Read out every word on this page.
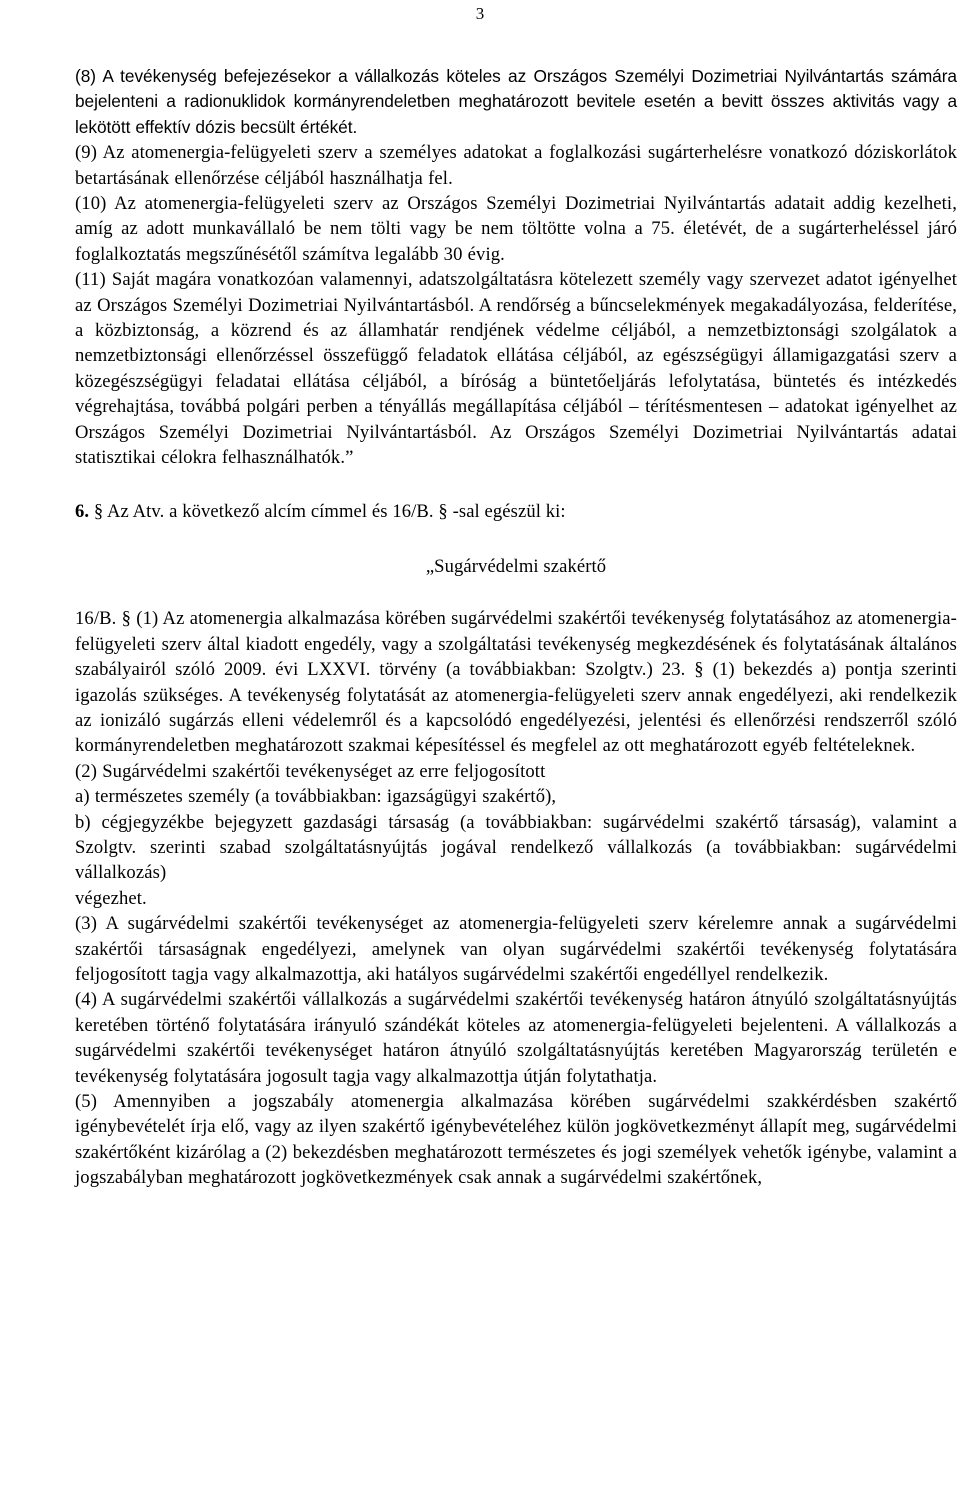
3

(8) A tevékenység befejezésekor a vállalkozás köteles az Országos Személyi Dozimetriai Nyilvántartás számára bejelenteni a radionuklidok kormányrendeletben meghatározott bevitele esetén a bevitt összes aktivitás vagy a lekötött effektív dózis becsült értékét.

(9) Az atomenergia-felügyeleti szerv a személyes adatokat a foglalkozási sugárterhelésre vonatkozó dóziskorlátok betartásának ellenőrzése céljából használhatja fel.

(10) Az atomenergia-felügyeleti szerv az Országos Személyi Dozimetriai Nyilvántartás adatait addig kezelheti, amíg az adott munkavállaló be nem tölti vagy be nem töltötte volna a 75. életévét, de a sugárterheléssel járó foglalkoztatás megszűnésétől számítva legalább 30 évig.

(11) Saját magára vonatkozóan valamennyi, adatszolgáltatásra kötelezett személy vagy szervezet adatot igényelhet az Országos Személyi Dozimetriai Nyilvántartásból. A rendőrség a bűncselekmények megakadályozása, felderítése, a közbiztonság, a közrend és az államhatár rendjének védelme céljából, a nemzetbiztonsági szolgálatok a nemzetbiztonsági ellenőrzéssel összefüggő feladatok ellátása céljából, az egészségügyi államigazgatási szerv a közegészségügyi feladatai ellátása céljából, a bíróság a büntetőeljárás lefolytatása, büntetés és intézkedés végrehajtása, továbbá polgári perben a tényállás megállapítása céljából – térítésmentesen – adatokat igényelhet az Országos Személyi Dozimetriai Nyilvántartásból. Az Országos Személyi Dozimetriai Nyilvántartás adatai statisztikai célokra felhasználhatók.”

6. § Az Atv. a következő alcím címmel és 16/B. § -sal egészül ki:

„Sugárvédelmi szakértő

16/B. § (1) Az atomenergia alkalmazása körében sugárvédelmi szakértői tevékenység folytatásához az atomenergia-felügyeleti szerv által kiadott engedély, vagy a szolgáltatási tevékenység megkezdésének és folytatásának általános szabályairól szóló 2009. évi LXXVI. törvény (a továbbiakban: Szolgtv.) 23. § (1) bekezdés a) pontja szerinti igazolás szükséges. A tevékenység folytatását az atomenergia-felügyeleti szerv annak engedélyezi, aki rendelkezik az ionizáló sugárzás elleni védelemről és a kapcsolódó engedélyezési, jelentési és ellenőrzési rendszerről szóló kormányrendeletben meghatározott szakmai képesítéssel és megfelel az ott meghatározott egyéb feltételeknek.

(2) Sugárvédelmi szakértői tevékenységet az erre feljogosított

a) természetes személy (a továbbiakban: igazságügyi szakértő),

b) cégjegyzékbe bejegyzett gazdasági társaság (a továbbiakban: sugárvédelmi szakértő társaság), valamint a Szolgtv. szerinti szabad szolgáltatásnyújtás jogával rendelkező vállalkozás (a továbbiakban: sugárvédelmi vállalkozás)

végezhet.

(3) A sugárvédelmi szakértői tevékenységet az atomenergia-felügyeleti szerv kérelemre annak a sugárvédelmi szakértői társaságnak engedélyezi, amelynek van olyan sugárvédelmi szakértői tevékenység folytatására feljogosított tagja vagy alkalmazottja, aki hatályos sugárvédelmi szakértői engedéllyel rendelkezik.

(4) A sugárvédelmi szakértői vállalkozás a sugárvédelmi szakértői tevékenység határon átnyúló szolgáltatásnyújtás keretében történő folytatására irányuló szándékát köteles az atomenergia-felügyeleti bejelenteni. A vállalkozás a sugárvédelmi szakértői tevékenységet határon átnyúló szolgáltatásnyújtás keretében Magyarország területén e tevékenység folytatására jogosult tagja vagy alkalmazottja útján folytathatja.

(5) Amennyiben a jogszabály atomenergia alkalmazása körében sugárvédelmi szakkérdésben szakértő igénybevételét írja elő, vagy az ilyen szakértő igénybevételéhez külön jogkövetkezményt állapít meg, sugárvédelmi szakértőként kizárólag a (2) bekezdésben meghatározott természetes és jogi személyek vehetők igénybe, valamint a jogszabályban meghatározott jogkövetkezmények csak annak a sugárvédelmi szakértőnek,
